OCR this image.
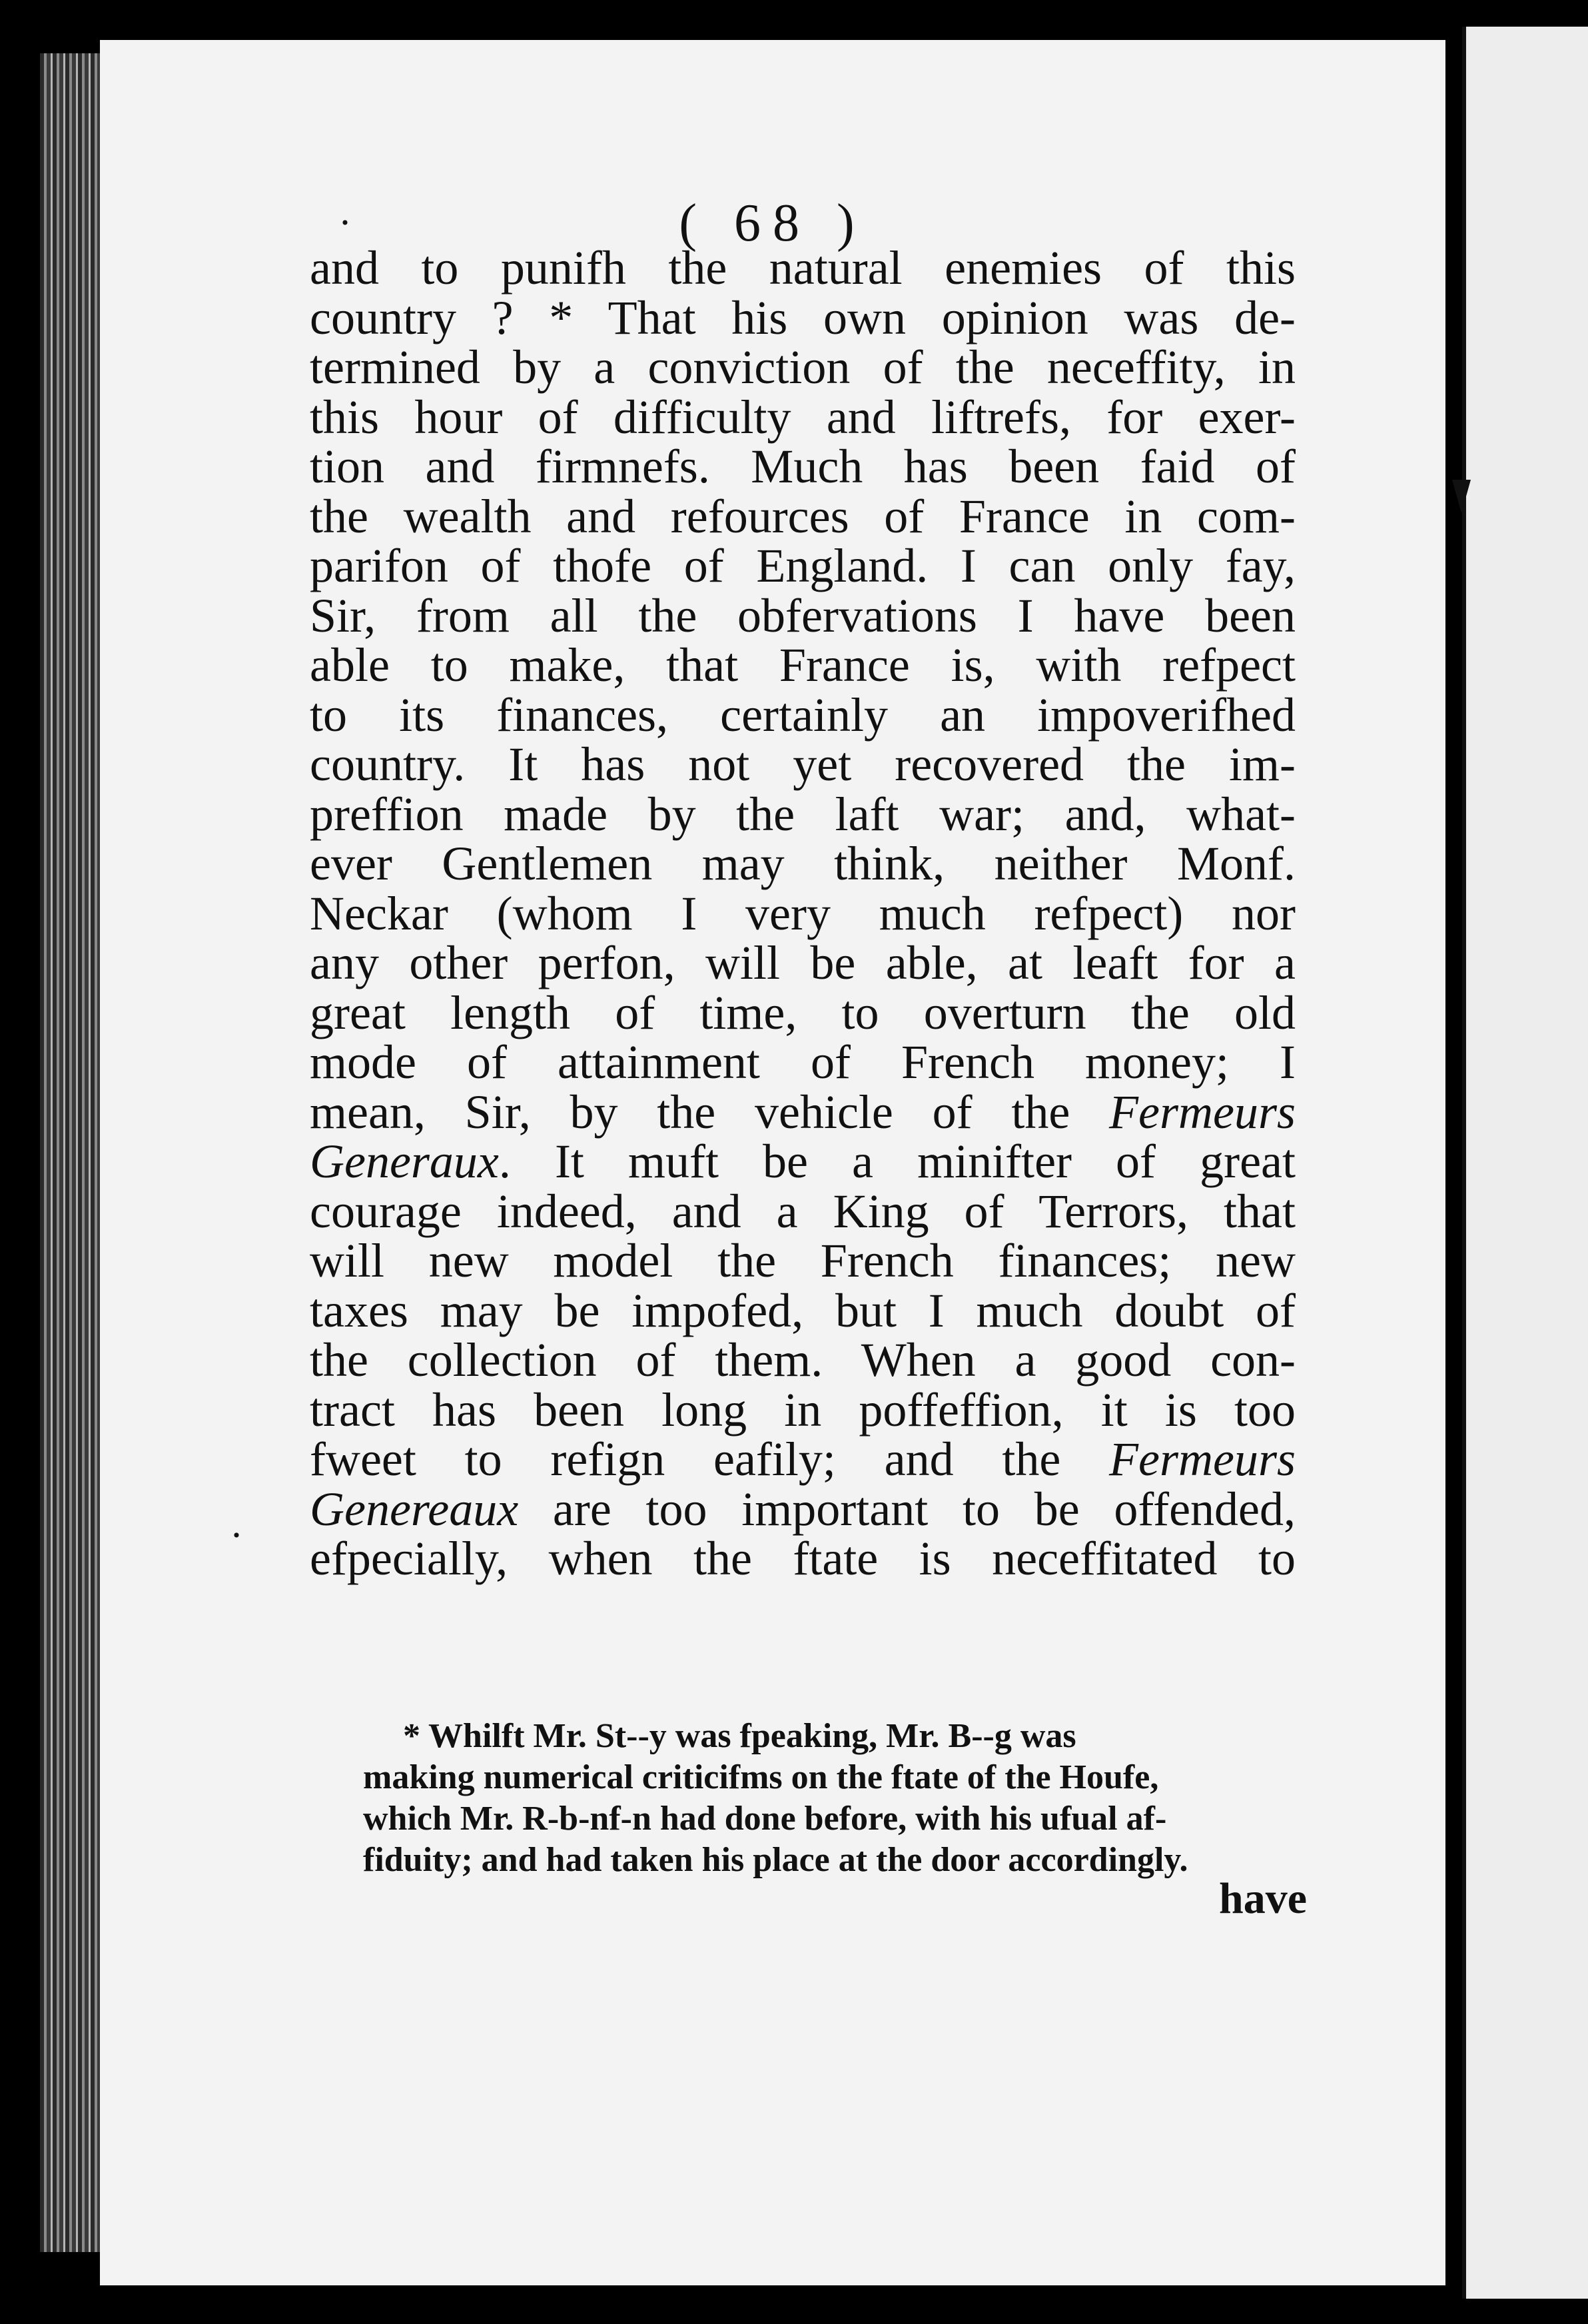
( 68 )
·
·
and to punifh the natural enemies of this
country ? * That his own opinion was de-
termined by a conviction of the neceffity, in
this hour of difficulty and liftrefs, for exer-
tion and firmnefs. Much has been faid of
the wealth and refources of France in com-
parifon of thofe of England. I can only fay,
Sir, from all the obfervations I have been
able to make, that France is, with refpect
to its finances, certainly an impoverifhed
country. It has not yet recovered the im-
preffion made by the laft war; and, what-
ever Gentlemen may think, neither Monf.
Neckar (whom I very much refpect) nor
any other perfon, will be able, at leaft for a
great length of time, to overturn the old
mode of attainment of French money; I
mean, Sir, by the vehicle of the Fermeurs
Generaux. It muft be a minifter of great
courage indeed, and a King of Terrors, that
will new model the French finances; new
taxes may be impofed, but I much doubt of
the collection of them. When a good con-
tract has been long in poffeffion, it is too
fweet to refign eafily; and the Fermeurs
Genereaux are too important to be offended,
efpecially, when the ftate is neceffitated to
* Whilft Mr. St--y was fpeaking, Mr. B--g was
making numerical criticifms on the ftate of the Houfe,
which Mr. R-b-nf-n had done before, with his ufual af-
fiduity; and had taken his place at the door accordingly.
have
